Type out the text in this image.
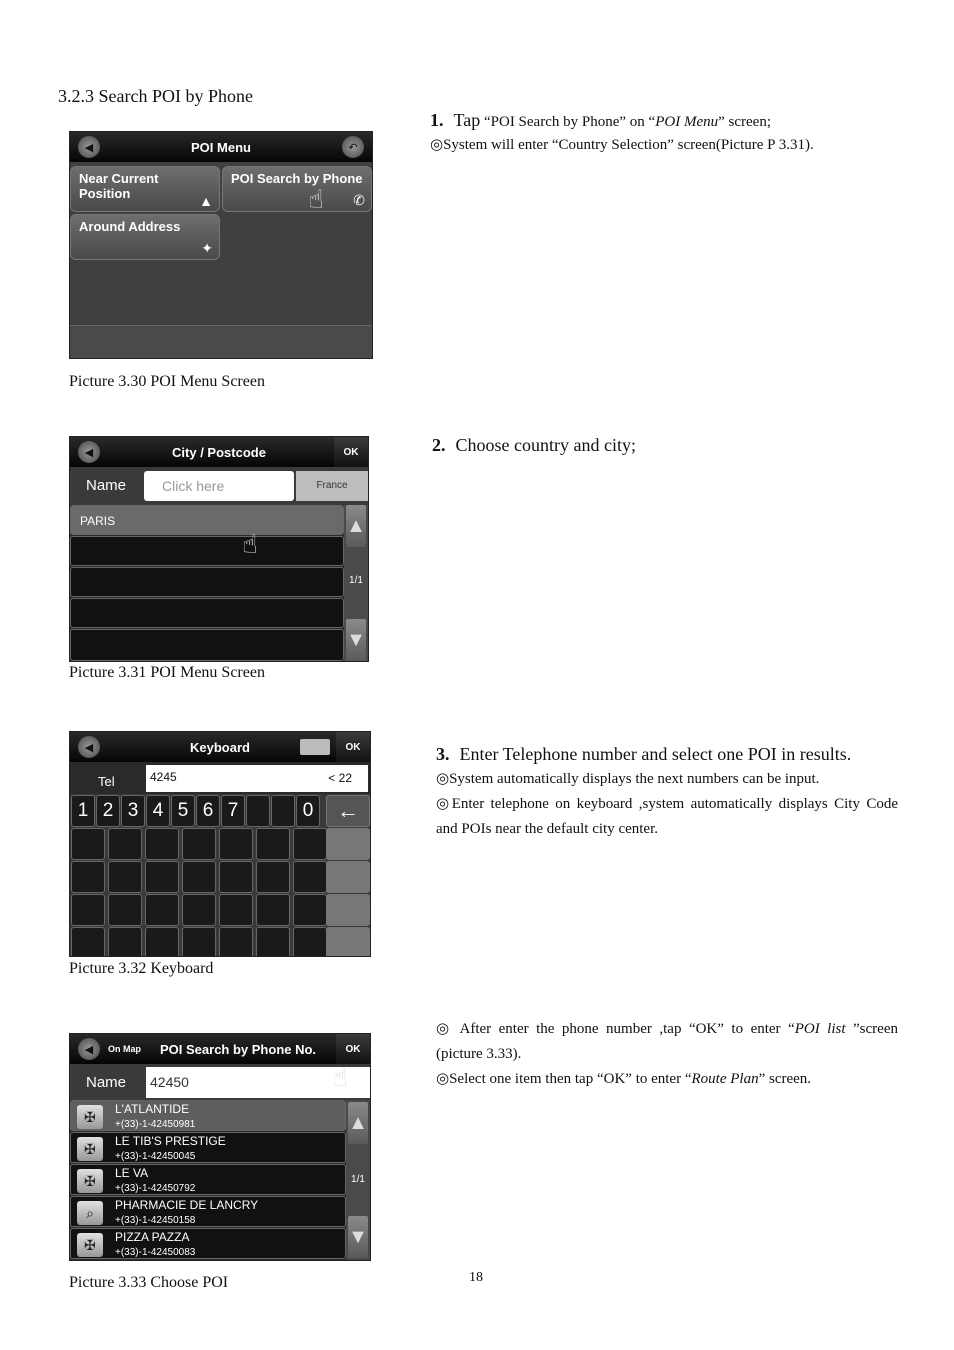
3.2.3 Search POI by Phone
POI Menu
◀	↶
Near Current Position	▲
POI Search by Phone
✆
Around Address
✦
☝
Picture 3.30 POI Menu Screen
1. Tap “POI Search by Phone” on “POI Menu” screen;
◎System will enter “Country Selection” screen(Picture P 3.31).
City / Postcode
◀	OK
Name	Click here	France
PARIS	▲
1/1
▼
☝
Picture 3.31 POI Menu Screen
2. Choose country and city;
Keyboard
◀	OK
Tel	4245	< 22
1 2 3 4 5 6 7	0	←
Picture 3.32 Keyboard
3. Enter Telephone number and select one POI in results.
◎System automatically displays the next numbers can be input.
◎Enter telephone on keyboard ,system automatically displays City Code and POIs near the default city center.
POI Search by Phone No.
◀	On Map	OK
Name 42450
✠	L'ATLANTIDE
+(33)-1-42450981
✠	LE TIB'S PRESTIGE
+(33)-1-42450045
✠	LE VA
+(33)-1-42450792
⌕	PHARMACIE DE LANCRY
+(33)-1-42450158
✠	PIZZA PAZZA
+(33)-1-42450083
▲
1/1
▼
☝
Picture 3.33 Choose POI
◎ After enter the phone number ,tap “OK” to enter “POI list ”screen (picture 3.33).
◎Select one item then tap “OK” to enter “Route Plan” screen.
18
